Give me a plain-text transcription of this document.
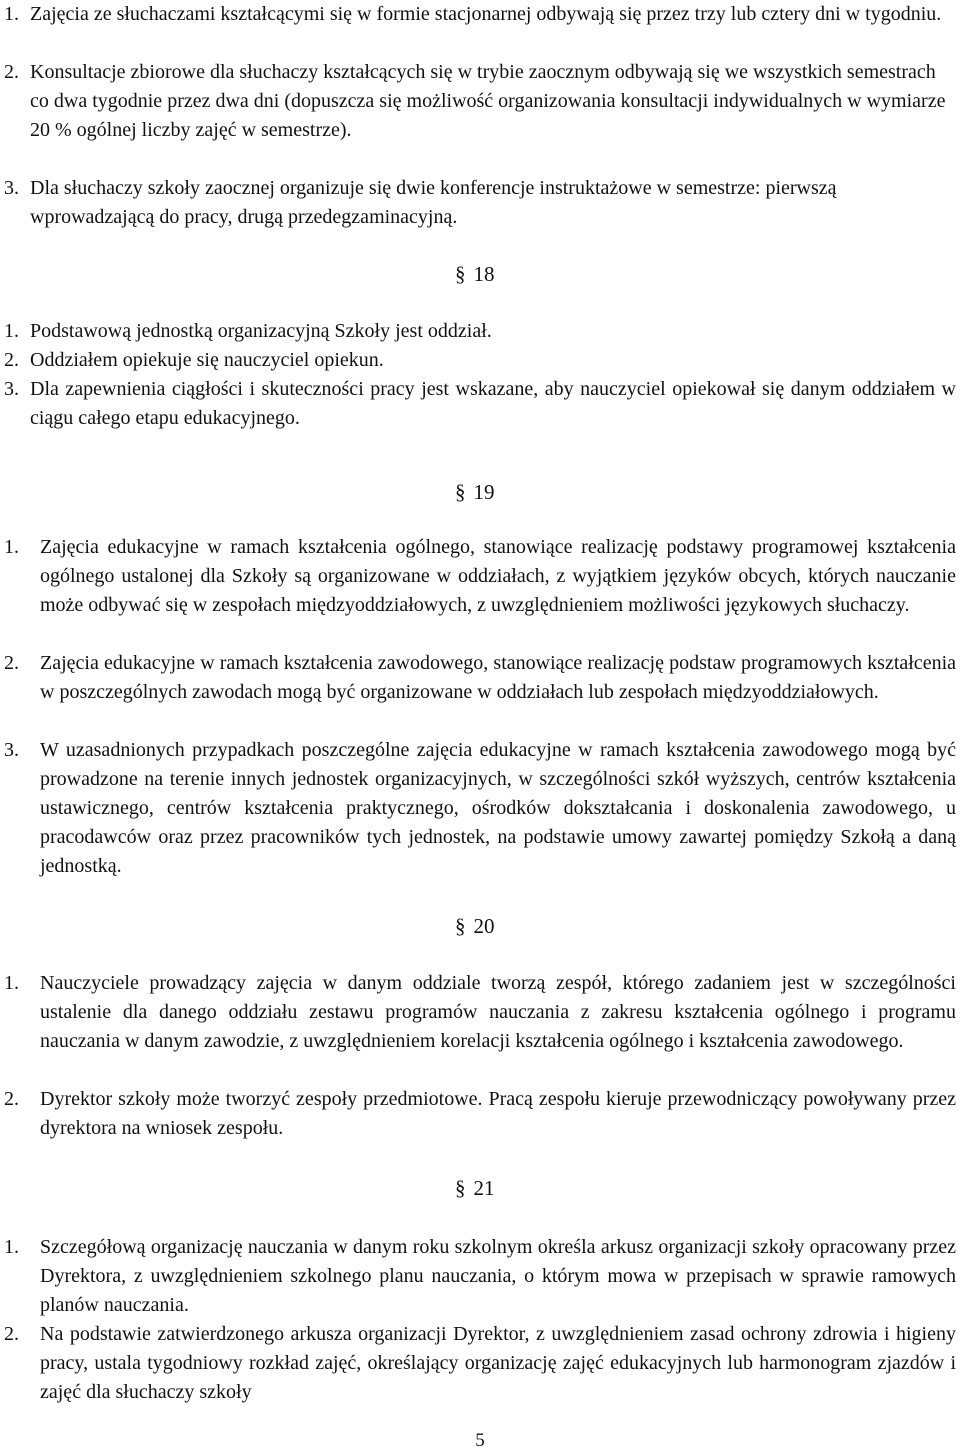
1. Zajęcia ze słuchaczami kształcącymi się w formie stacjonarnej odbywają się przez trzy lub cztery dni w tygodniu.
2. Konsultacje zbiorowe dla słuchaczy kształcących się w trybie zaocznym odbywają się we wszystkich semestrach co dwa tygodnie przez dwa dni (dopuszcza się możliwość organizowania konsultacji indywidualnych w wymiarze 20 % ogólnej liczby zajęć w semestrze).
3. Dla słuchaczy szkoły zaocznej organizuje się dwie konferencje instruktażowe w semestrze: pierwszą wprowadzającą do pracy, drugą przedegzaminacyjną.
§ 18
1. Podstawową jednostką organizacyjną Szkoły jest oddział.
2. Oddziałem opiekuje się nauczyciel opiekun.
3. Dla zapewnienia ciągłości i skuteczności pracy jest wskazane, aby nauczyciel opiekował się danym oddziałem w ciągu całego etapu edukacyjnego.
§ 19
1. Zajęcia edukacyjne w ramach kształcenia ogólnego, stanowiące realizację podstawy programowej kształcenia ogólnego ustalonej dla Szkoły są organizowane w oddziałach, z wyjątkiem języków obcych, których nauczanie może odbywać się w zespołach międzyoddziałowych, z uwzględnieniem możliwości językowych słuchaczy.
2. Zajęcia edukacyjne w ramach kształcenia zawodowego, stanowiące realizację podstaw programowych kształcenia w poszczególnych zawodach mogą być organizowane w oddziałach lub zespołach międzyoddziałowych.
3. W uzasadnionych przypadkach poszczególne zajęcia edukacyjne w ramach kształcenia zawodowego mogą być prowadzone na terenie innych jednostek organizacyjnych, w szczególności szkół wyższych, centrów kształcenia ustawicznego, centrów kształcenia praktycznego, ośrodków dokształcania i doskonalenia zawodowego, u pracodawców oraz przez pracowników tych jednostek, na podstawie umowy zawartej pomiędzy Szkołą a daną jednostką.
§ 20
1. Nauczyciele prowadzący zajęcia w danym oddziale tworzą zespół, którego zadaniem jest w szczególności ustalenie dla danego oddziału zestawu programów nauczania z zakresu kształcenia ogólnego i programu nauczania w danym zawodzie, z uwzględnieniem korelacji kształcenia ogólnego i kształcenia zawodowego.
2. Dyrektor szkoły może tworzyć zespoły przedmiotowe. Pracą zespołu kieruje przewodniczący powoływany przez dyrektora na wniosek zespołu.
§ 21
1. Szczegółową organizację nauczania w danym roku szkolnym określa arkusz organizacji szkoły opracowany przez Dyrektora, z uwzględnieniem szkolnego planu nauczania, o którym mowa w przepisach w sprawie ramowych planów nauczania.
2. Na podstawie zatwierdzonego arkusza organizacji Dyrektor, z uwzględnieniem zasad ochrony zdrowia i higieny pracy, ustala tygodniowy rozkład zajęć, określający organizację zajęć edukacyjnych lub harmonogram zjazdów i zajęć dla słuchaczy szkoły
5
